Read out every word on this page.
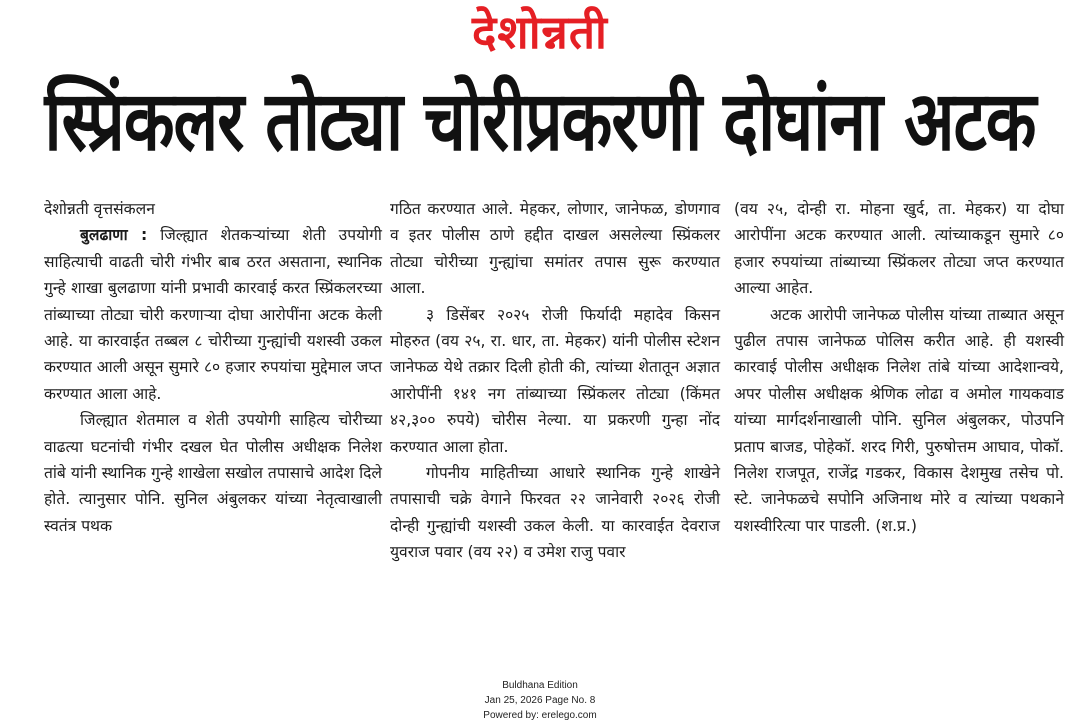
देशोन्नती
स्प्रिंकलर तोट्या चोरीप्रकरणी दोघांना अटक
देशोन्नती वृत्तसंकलन

बुलढाणा : जिल्ह्यात शेतकऱ्यांच्या शेती उपयोगी साहित्याची वाढती चोरी गंभीर बाब ठरत असताना, स्थानिक गुन्हे शाखा बुलढाणा यांनी प्रभावी कारवाई करत स्प्रिंकलरच्या तांब्याच्या तोट्या चोरी करणाऱ्या दोघा आरोपींना अटक केली आहे. या कारवाईत तब्बल ८ चोरीच्या गुन्ह्यांची यशस्वी उकल करण्यात आली असून सुमारे ८० हजार रुपयांचा मुद्देमाल जप्त करण्यात आला आहे.

जिल्ह्यात शेतमाल व शेती उपयोगी साहित्य चोरीच्या वाढत्या घटनांची गंभीर दखल घेत पोलीस अधीक्षक निलेश तांबे यांनी स्थानिक गुन्हे शाखेला सखोल तपासाचे आदेश दिले होते. त्यानुसार पोनि. सुनिल अंबुलकर यांच्या नेतृत्वाखाली स्वतंत्र पथक

गठित करण्यात आले. मेहकर, लोणार, जानेफळ, डोणगाव व इतर पोलीस ठाणे हद्दीत दाखल असलेल्या स्प्रिंकलर तोट्या चोरीच्या गुन्ह्यांचा समांतर तपास सुरू करण्यात आला.

३ डिसेंबर २०२५ रोजी फिर्यादी महादेव किसन मोहरुत (वय २५, रा. धार, ता. मेहकर) यांनी पोलीस स्टेशन जानेफळ येथे तक्रार दिली होती की, त्यांच्या शेतातून अज्ञात आरोपींनी १४१ नग तांब्याच्या स्प्रिंकलर तोट्या (किंमत ४२,३०० रुपये) चोरीस नेल्या. या प्रकरणी गुन्हा नोंद करण्यात आला होता.

गोपनीय माहितीच्या आधारे स्थानिक गुन्हे शाखेने तपासाची चक्रे वेगाने फिरवत २२ जानेवारी २०२६ रोजी दोन्ही गुन्ह्यांची यशस्वी उकल केली. या कारवाईत देवराज युवराज पवार (वय २२) व उमेश राजु पवार

(वय २५, दोन्ही रा. मोहना खुर्द, ता. मेहकर) या दोघा आरोपींना अटक करण्यात आली. त्यांच्याकडून सुमारे ८० हजार रुपयांच्या तांब्याच्या स्प्रिंकलर तोट्या जप्त करण्यात आल्या आहेत.

अटक आरोपी जानेफळ पोलीस यांच्या ताब्यात असून पुढील तपास जानेफळ पोलिस करीत आहे. ही यशस्वी कारवाई पोलीस अधीक्षक निलेश तांबे यांच्या आदेशान्वये, अपर पोलीस अधीक्षक श्रेणिक लोढा व अमोल गायकवाड यांच्या मार्गदर्शनाखाली पोनि. सुनिल अंबुलकर, पोउपनि प्रताप बाजड, पोहेकॉ. शरद गिरी, पुरुषोत्तम आघाव, पोकॉ. निलेश राजपूत, राजेंद्र गडकर, विकास देशमुख तसेच पो. स्टे. जानेफळचे सपोनि अजिनाथ मोरे व त्यांच्या पथकाने यशस्वीरित्या पार पाडली. (श.प्र.)

Buldhana Edition
Jan 25, 2026 Page No. 8
Powered by: erelego.com
